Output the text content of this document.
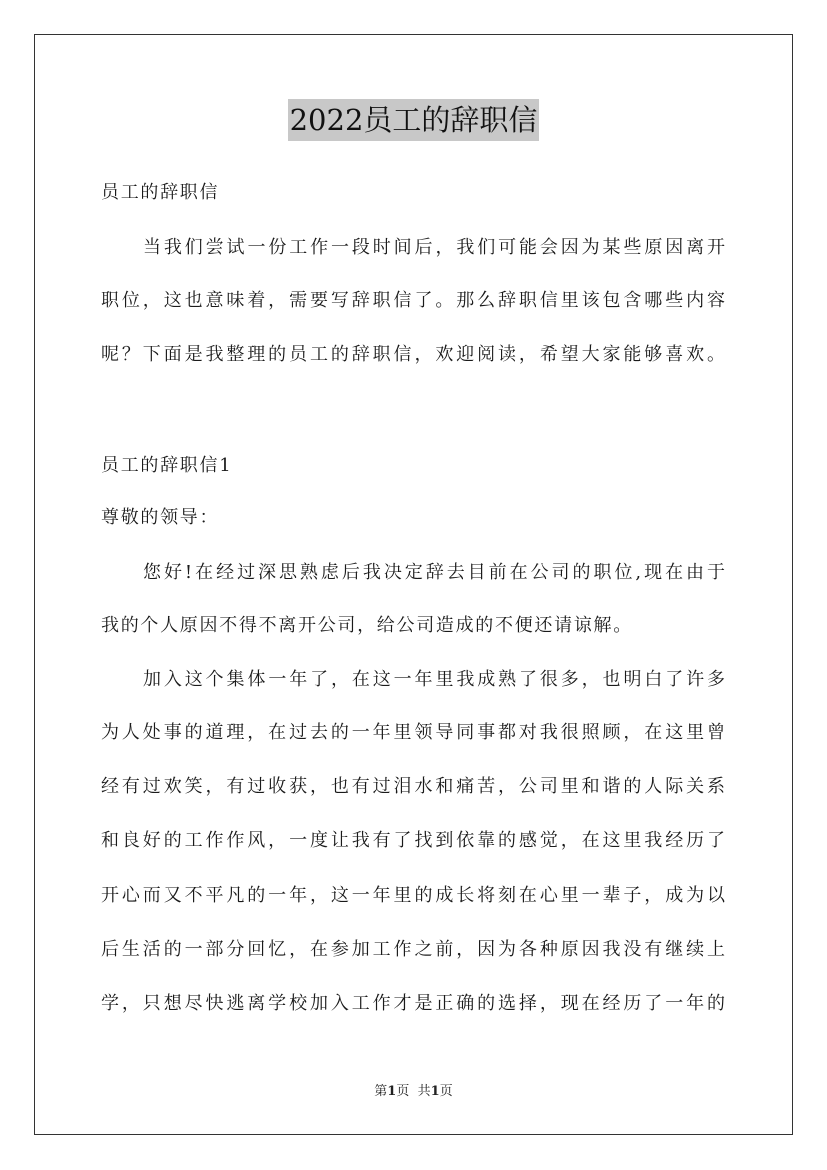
2022员工的辞职信
员工的辞职信
当我们尝试一份工作一段时间后，我们可能会因为某些原因离开
职位，这也意味着，需要写辞职信了。那么辞职信里该包含哪些内容
呢？下面是我整理的员工的辞职信，欢迎阅读，希望大家能够喜欢。
员工的辞职信1
尊敬的领导：
您好!在经过深思熟虑后我决定辞去目前在公司的职位,现在由于
我的个人原因不得不离开公司，给公司造成的不便还请谅解。
加入这个集体一年了，在这一年里我成熟了很多，也明白了许多
为人处事的道理，在过去的一年里领导同事都对我很照顾，在这里曾
经有过欢笑，有过收获，也有过泪水和痛苦，公司里和谐的人际关系
和良好的工作作风，一度让我有了找到依靠的感觉，在这里我经历了
开心而又不平凡的一年，这一年里的成长将刻在心里一辈子，成为以
后生活的一部分回忆，在参加工作之前，因为各种原因我没有继续上
学，只想尽快逃离学校加入工作才是正确的选择，现在经历了一年的
第1页 共1页
